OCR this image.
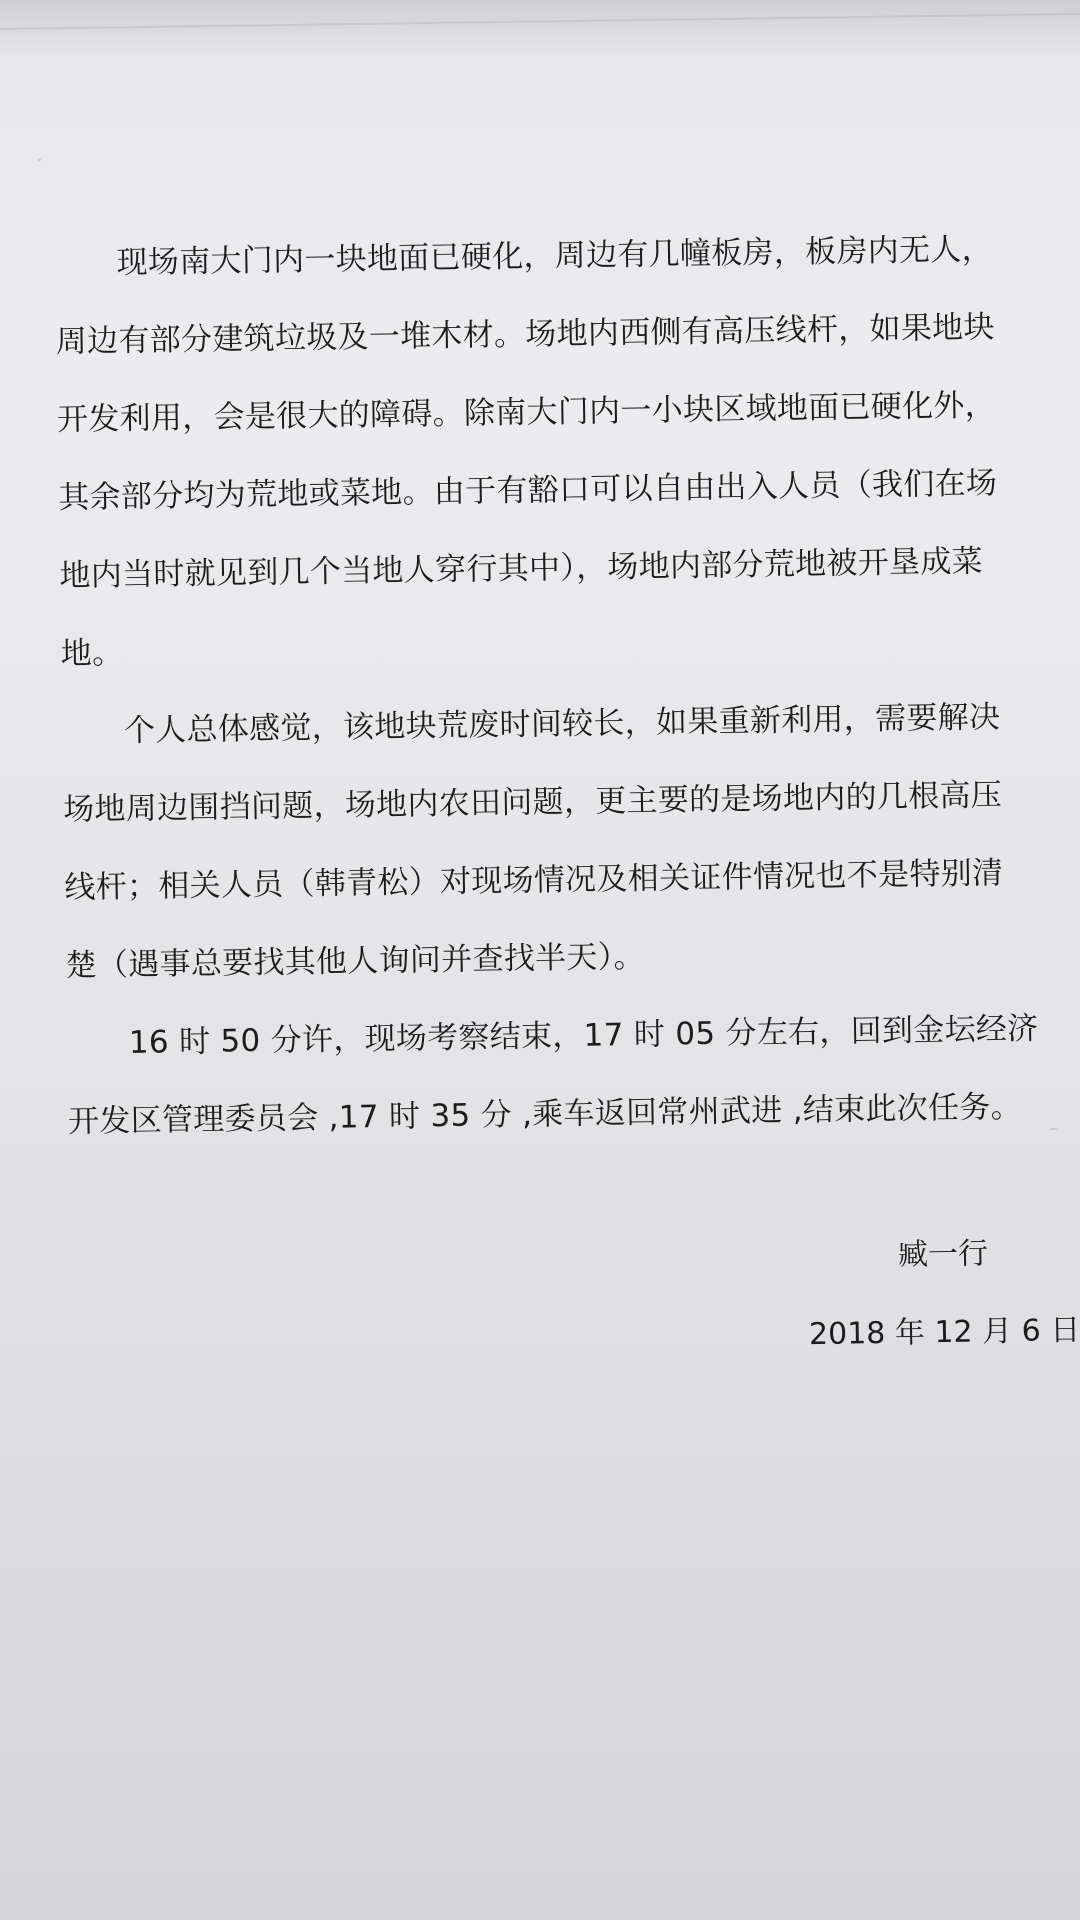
现场南大门内一块地面已硬化，周边有几幢板房，板房内无人，
周边有部分建筑垃圾及一堆木材。场地内西侧有高压线杆，如果地块
开发利用，会是很大的障碍。除南大门内一小块区域地面已硬化外，
其余部分均为荒地或菜地。由于有豁口可以自由出入人员（我们在场
地内当时就见到几个当地人穿行其中），场地内部分荒地被开垦成菜
地。

个人总体感觉，该地块荒废时间较长，如果重新利用，需要解决
场地周边围挡问题，场地内农田问题，更主要的是场地内的几根高压
线杆；相关人员（韩青松）对现场情况及相关证件情况也不是特别清
楚（遇事总要找其他人询问并查找半天）。

16 时 50 分许，现场考察结束，17 时 05 分左右，回到金坛经济
开发区管理委员会 ,17 时 35 分 ,乘车返回常州武进 ,结束此次任务。

臧一行
2018 年 12 月 6 日
